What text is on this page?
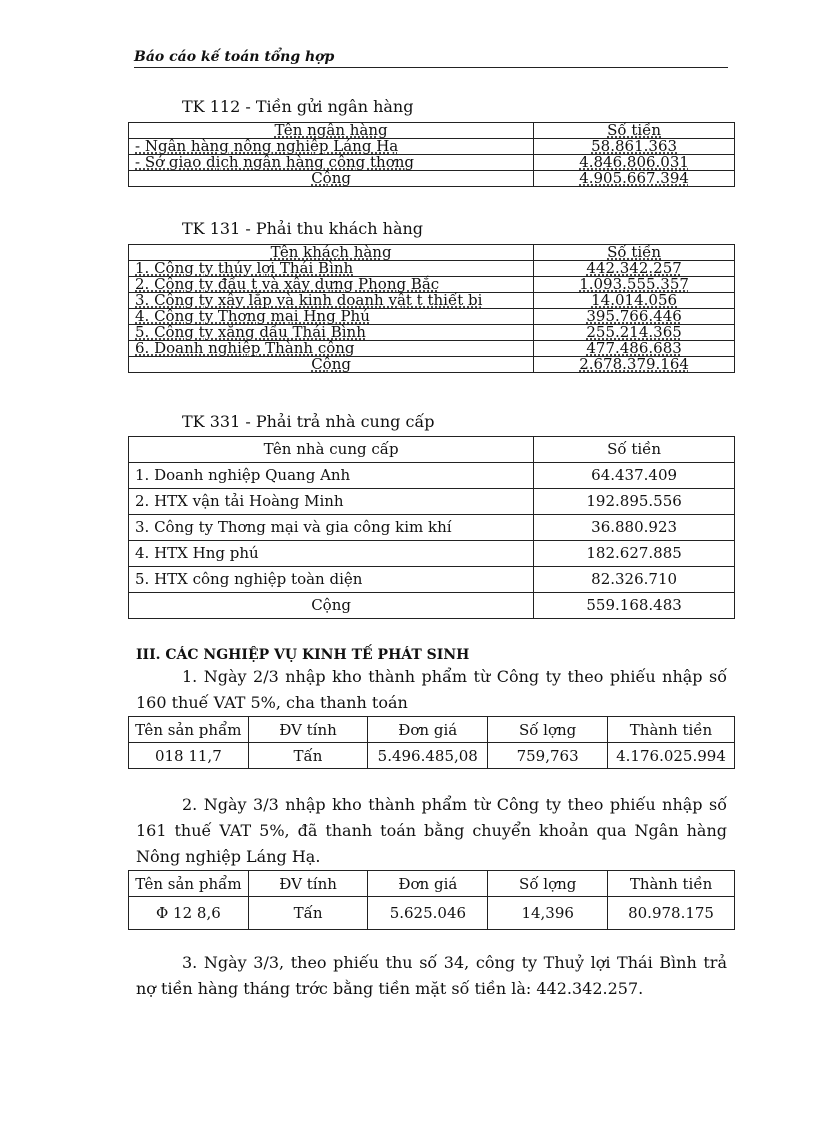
Báo cáo kế toán tổng hợp
TK 112 - Tiền gửi ngân hàng
Tên ngân hàng	Số tiền
- Ngân hàng nông nghiệp Láng Hạ	58.861.363
- Sở giao dịch ngân hàng công thơng	4.846.806.031
Cộng	4.905.667.394
TK 131 - Phải thu khách hàng
Tên khách hàng	Số tiền
1. Công ty thủy lợi Thái Bình	442.342.257
2. Công ty đầu t và xây dựng Phong Bắc	1.093.555.357
3. Công ty xây lắp và kinh doanh vật t thiết bị	14.014.056
4. Công ty Thơng mại Hng Phú	395.766.446
5. Công ty xăng dầu Thái Bình	255.214.365
6. Doanh nghiệp Thành công	477.486.683
Cộng	2.678.379.164
TK 331 - Phải trả nhà cung cấp
Tên nhà cung cấp	Số tiền
1. Doanh nghiệp Quang Anh	64.437.409
2. HTX vận tải Hoàng Minh	192.895.556
3. Công ty Thơng mại và gia công kim khí	36.880.923
4. HTX Hng phú	182.627.885
5. HTX công nghiệp toàn diện	82.326.710
Cộng	559.168.483
III. CÁC NGHIỆP VỤ KINH TẾ PHÁT SINH
1. Ngày 2/3 nhập kho thành phẩm từ Công ty theo phiếu nhập số 160 thuế VAT 5%, cha thanh toán
Tên sản phẩm	ĐV tính	Đơn giá	Số lợng	Thành tiền
018 11,7	Tấn	5.496.485,08	759,763	4.176.025.994
2. Ngày 3/3 nhập kho thành phẩm từ Công ty theo phiếu nhập số 161 thuế VAT 5%, đã thanh toán bằng chuyển khoản qua Ngân hàng Nông nghiệp Láng Hạ.
Tên sản phẩm	ĐV tính	Đơn giá	Số lợng	Thành tiền
Φ 12 8,6	Tấn	5.625.046	14,396	80.978.175
3. Ngày 3/3, theo phiếu thu số 34, công ty Thuỷ lợi Thái Bình trả nợ tiền hàng tháng trớc bằng tiền mặt số tiền là: 442.342.257.
